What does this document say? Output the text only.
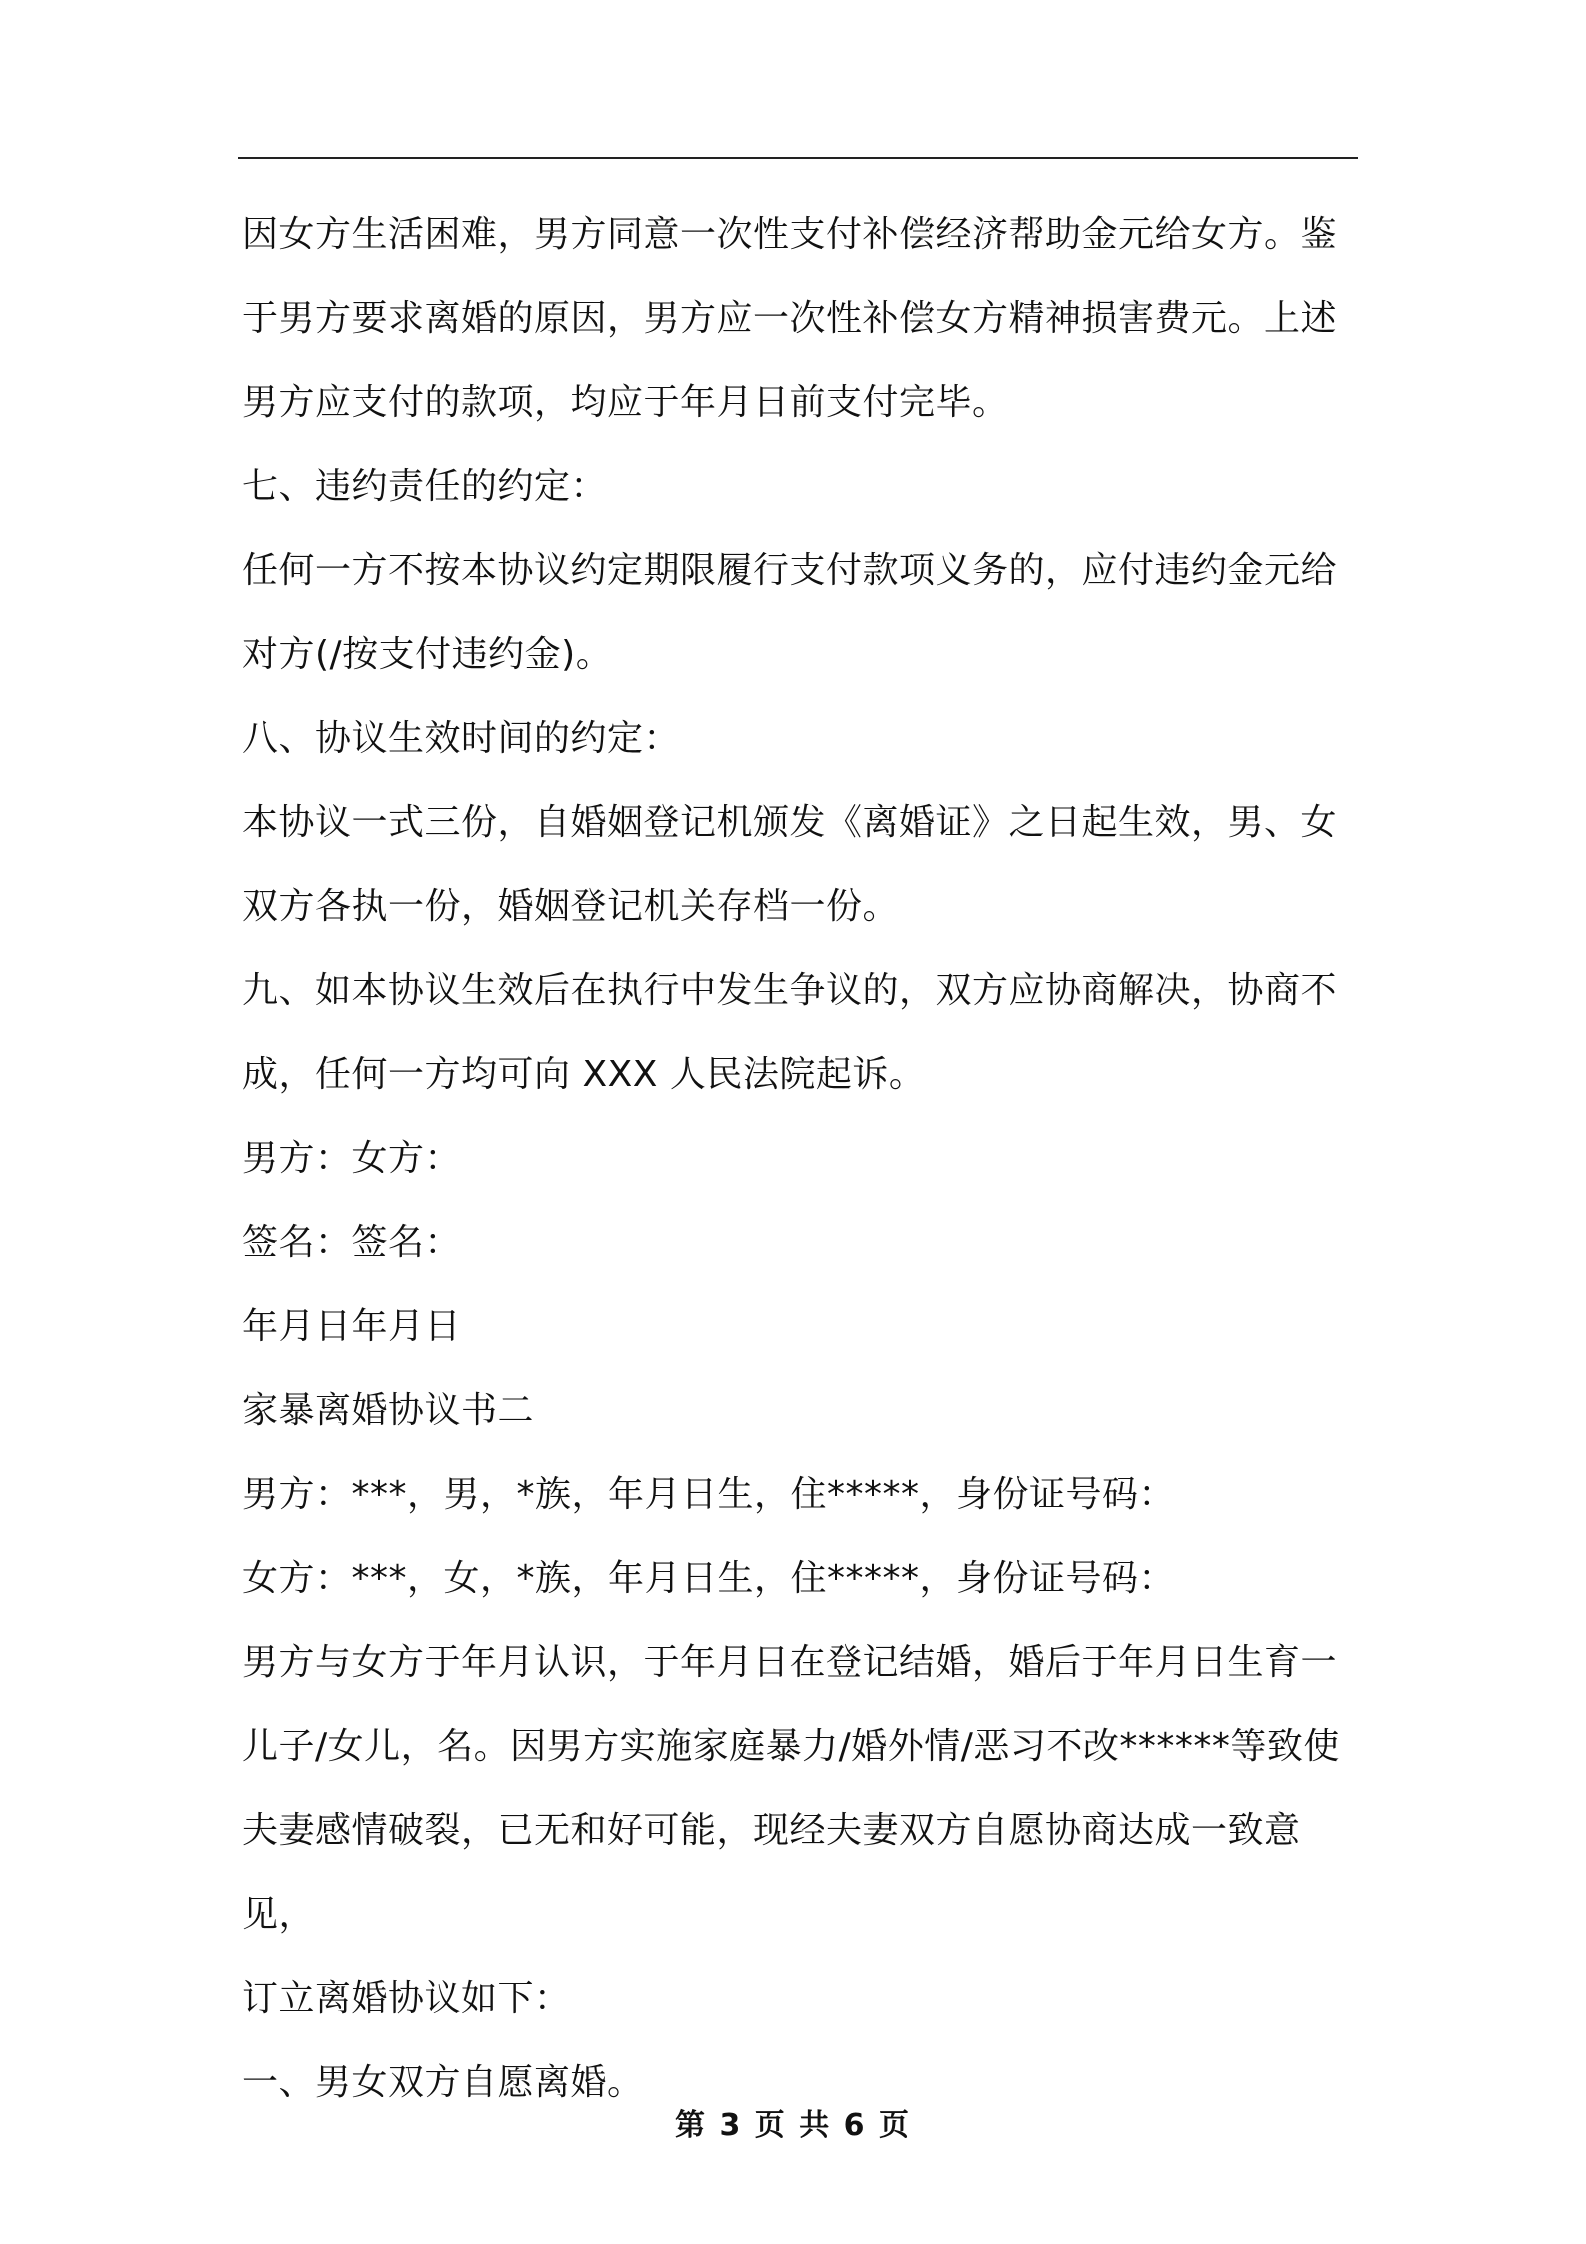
因女方生活困难，男方同意一次性支付补偿经济帮助金元给女方。鉴

于男方要求离婚的原因，男方应一次性补偿女方精神损害费元。上述

男方应支付的款项，均应于年月日前支付完毕。

七、违约责任的约定：

任何一方不按本协议约定期限履行支付款项义务的，应付违约金元给

对方(/按支付违约金)。

八、协议生效时间的约定：

本协议一式三份，自婚姻登记机颁发《离婚证》之日起生效，男、女

双方各执一份，婚姻登记机关存档一份。

九、如本协议生效后在执行中发生争议的，双方应协商解决，协商不

成，任何一方均可向 XXX 人民法院起诉。

男方：女方：

签名：签名：

年月日年月日

家暴离婚协议书二

男方：***，男，*族，年月日生，住*****，身份证号码：

女方：***，女，*族，年月日生，住*****，身份证号码：

男方与女方于年月认识，于年月日在登记结婚，婚后于年月日生育一

儿子/女儿，名。因男方实施家庭暴力/婚外情/恶习不改******等致使

夫妻感情破裂，已无和好可能，现经夫妻双方自愿协商达成一致意见，

订立离婚协议如下：

一、男女双方自愿离婚。

第 3 页 共 6 页
